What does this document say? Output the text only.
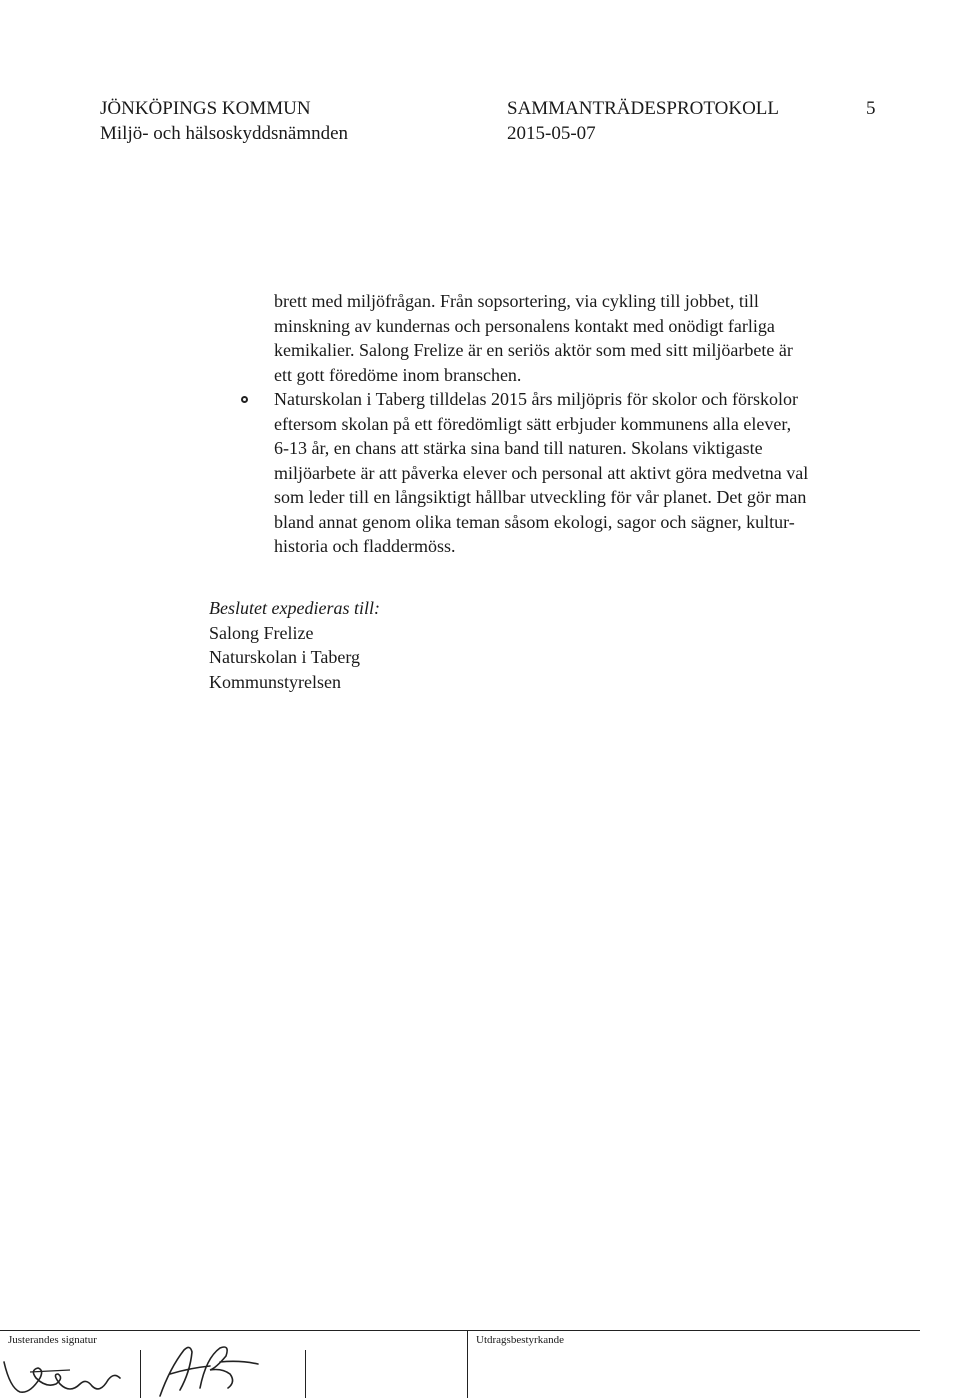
JÖNKÖPINGS KOMMUN
Miljö- och hälsoskyddsnämnden
SAMMANTRÄDESPROTOKOLL
2015-05-07
5

brett med miljöfrågan. Från sopsortering, via cykling till jobbet, till
minskning av kundernas och personalens kontakt med onödigt farliga
kemikalier. Salong Frelize är en seriös aktör som med sitt miljöarbete är
ett gott föredöme inom branschen.

Naturskolan i Taberg tilldelas 2015 års miljöpris för skolor och förskolor
eftersom skolan på ett föredömligt sätt erbjuder kommunens alla elever,
6-13 år, en chans att stärka sina band till naturen. Skolans viktigaste
miljöarbete är att påverka elever och personal att aktivt göra medvetna val
som leder till en långsiktigt hållbar utveckling för vår planet. Det gör man
bland annat genom olika teman såsom ekologi, sagor och sägner, kultur-
historia och fladdermöss.

Beslutet expedieras till:
Salong Frelize
Naturskolan i Taberg
Kommunstyrelsen
Justerandes signatur	Utdragsbestyrkande
